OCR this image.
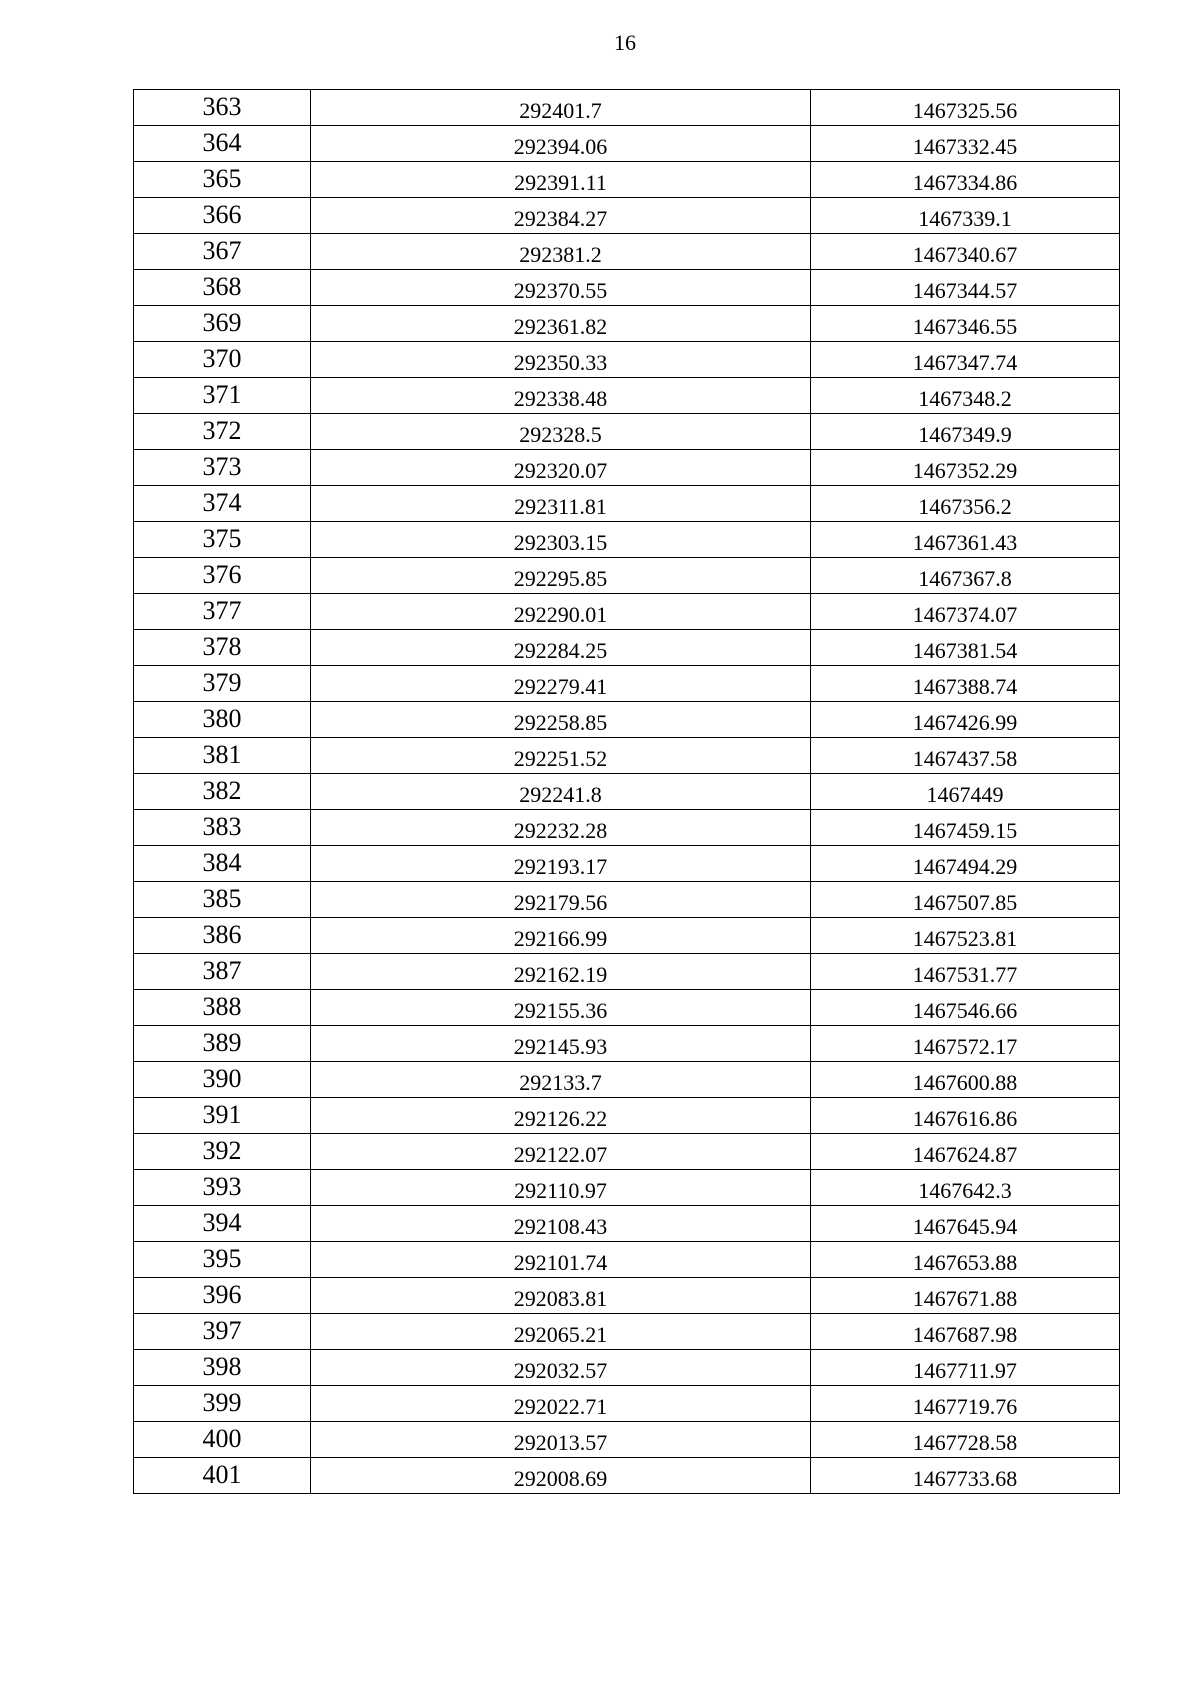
16
363	292401.7	1467325.56
364	292394.06	1467332.45
365	292391.11	1467334.86
366	292384.27	1467339.1
367	292381.2	1467340.67
368	292370.55	1467344.57
369	292361.82	1467346.55
370	292350.33	1467347.74
371	292338.48	1467348.2
372	292328.5	1467349.9
373	292320.07	1467352.29
374	292311.81	1467356.2
375	292303.15	1467361.43
376	292295.85	1467367.8
377	292290.01	1467374.07
378	292284.25	1467381.54
379	292279.41	1467388.74
380	292258.85	1467426.99
381	292251.52	1467437.58
382	292241.8	1467449
383	292232.28	1467459.15
384	292193.17	1467494.29
385	292179.56	1467507.85
386	292166.99	1467523.81
387	292162.19	1467531.77
388	292155.36	1467546.66
389	292145.93	1467572.17
390	292133.7	1467600.88
391	292126.22	1467616.86
392	292122.07	1467624.87
393	292110.97	1467642.3
394	292108.43	1467645.94
395	292101.74	1467653.88
396	292083.81	1467671.88
397	292065.21	1467687.98
398	292032.57	1467711.97
399	292022.71	1467719.76
400	292013.57	1467728.58
401	292008.69	1467733.68
